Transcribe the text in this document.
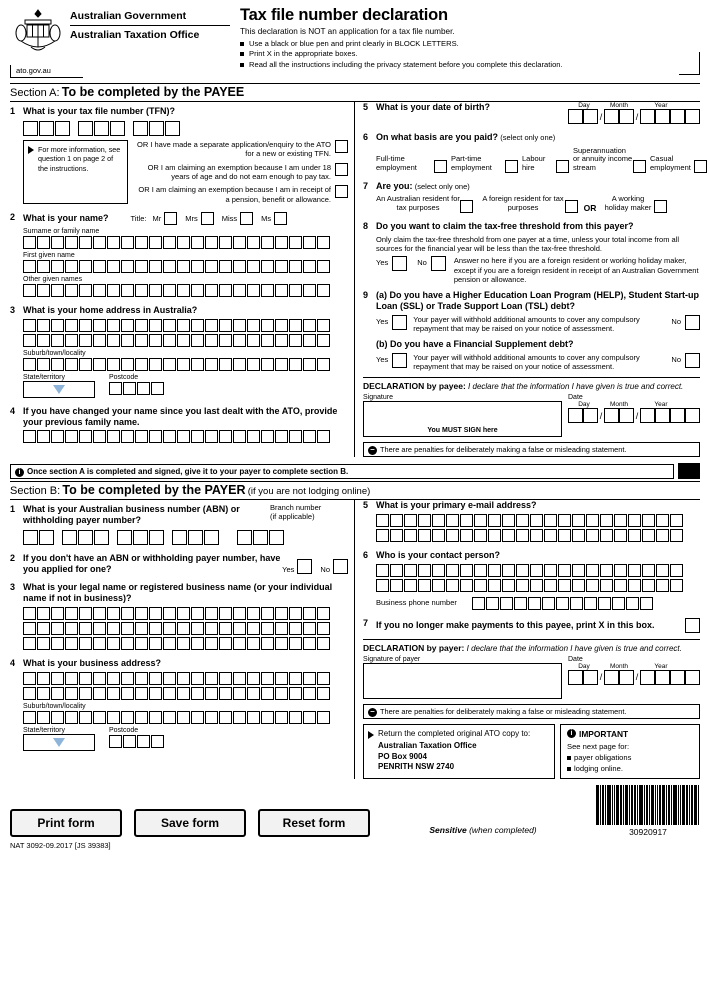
Australian Government
Australian Taxation Office
Tax file number declaration
This declaration is NOT an application for a tax file number.
Use a black or blue pen and print clearly in BLOCK LETTERS.
Print X in the appropriate boxes.
Read all the instructions including the privacy statement before you complete this declaration.
ato.gov.au
Section A: To be completed by the PAYEE
1 What is your tax file number (TFN)?

For more information, see question 1 on page 2 of the instructions.
OR I have made a separate application/enquiry to the ATO for a new or existing TFN.
OR I am claiming an exemption because I am under 18 years of age and do not earn enough to pay tax.
OR I am claiming an exemption because I am in receipt of a pension, benefit or allowance.
2 What is your name?	Title: Mr	Mrs	Miss	Ms
Surname or family name
First given name
Other given names
3 What is your home address in Australia?
Suburb/town/locality
State/territory	Postcode
4 If you have changed your name since you last dealt with the ATO, provide your previous family name.
5 What is your date of birth?	Day	Month	Year
/	/
6 On what basis are you paid? (select only one)
Full-time employment
Part-time employment
Labour hire
Superannuation or annuity income stream
Casual employment
7 Are you: (select only one)
An Australian resident for tax purposes
A foreign resident for tax purposes	OR
A working holiday maker
8 Do you want to claim the tax-free threshold from this payer?
Only claim the tax-free threshold from one payer at a time, unless your total income from all sources for the financial year will be less than the tax-free threshold.
Yes	No	Answer no here if you are a foreign resident or working holiday maker, except if you are a foreign resident in receipt of an Australian Government pension or allowance.
9 (a) Do you have a Higher Education Loan Program (HELP), Student Start-up Loan (SSL) or Trade Support Loan (TSL) debt?
Yes	Your payer will withhold additional amounts to cover any compulsory repayment that may be raised on your notice of assessment.
No
(b) Do you have a Financial Supplement debt?
Yes	Your payer will withhold additional amounts to cover any compulsory repayment that may be raised on your notice of assessment.
No
DECLARATION by payee: I declare that the information I have given is true and correct.
Signature
You MUST SIGN here
Date
Day	Month	Year
/	/
– There are penalties for deliberately making a false or misleading statement.
i Once section A is completed and signed, give it to your payer to complete section B.
Section B: To be completed by the PAYER (if you are not lodging online)
1 What is your Australian business number (ABN) or withholding payer number?
Branch number
(if applicable)

2 If you don't have an ABN or withholding payer number, have you applied for one?	Yes	No
3 What is your legal name or registered business name (or your individual name if not in business)?
4 What is your business address?
Suburb/town/locality
State/territory	Postcode
5 What is your primary e-mail address?
6 Who is your contact person?
Business phone number
7 If you no longer make payments to this payee, print X in this box.
DECLARATION by payer: I declare that the information I have given is true and correct.
Signature of payer	Date
Day	Month	Year
/	/
– There are penalties for deliberately making a false or misleading statement.
Return the completed original ATO copy to:
Australian Taxation Office
PO Box 9004
PENRITH NSW 2740
i IMPORTANT
See next page for:
payer obligations
lodging online.
Print form	Save form	Reset form	Sensitive (when completed)	30920917
NAT 3092-09.2017 [JS 39383]
